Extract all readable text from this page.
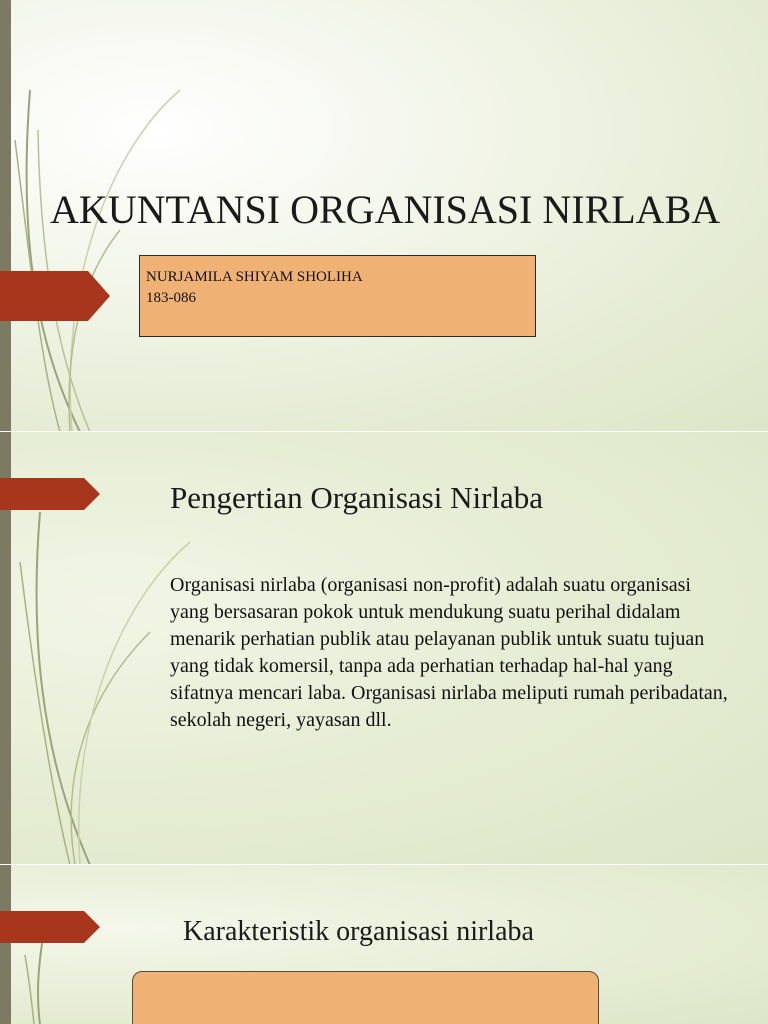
AKUNTANSI ORGANISASI NIRLABA
NURJAMILA SHIYAM SHOLIHA
183-086
Pengertian Organisasi Nirlaba

Organisasi nirlaba (organisasi non-profit) adalah suatu organisasi yang bersasaran pokok untuk mendukung suatu perihal didalam menarik perhatian publik atau pelayanan publik untuk suatu tujuan yang tidak komersil, tanpa ada perhatian terhadap hal-hal yang sifatnya mencari laba. Organisasi nirlaba meliputi rumah peribadatan, sekolah negeri, yayasan dll.

Karakteristik organisasi nirlaba
